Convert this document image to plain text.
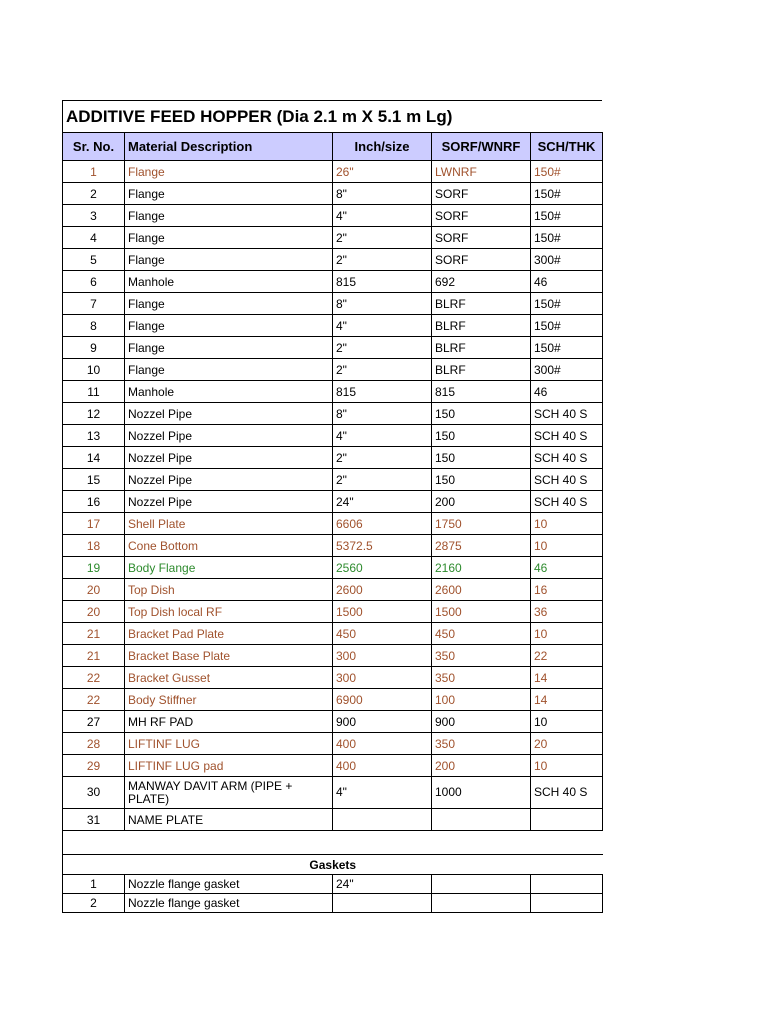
ADDITIVE FEED HOPPER (Dia 2.1 m X 5.1 m Lg)
Sr. No.	Material Description	Inch/size	SORF/WNRF	SCH/THK
1	Flange	26"	LWNRF	150#
2	Flange	8"	SORF	150#
3	Flange	4"	SORF	150#
4	Flange	2"	SORF	150#
5	Flange	2"	SORF	300#
6	Manhole	815	692	46
7	Flange	8"	BLRF	150#
8	Flange	4"	BLRF	150#
9	Flange	2"	BLRF	150#
10	Flange	2"	BLRF	300#
11	Manhole	815	815	46
12	Nozzel Pipe	8"	150	SCH 40 S
13	Nozzel Pipe	4"	150	SCH 40 S
14	Nozzel Pipe	2"	150	SCH 40 S
15	Nozzel Pipe	2"	150	SCH 40 S
16	Nozzel Pipe	24"	200	SCH 40 S
17	Shell Plate	6606	1750	10
18	Cone Bottom	5372.5	2875	10
19	Body Flange	2560	2160	46
20	Top Dish	2600	2600	16
20	Top Dish local RF	1500	1500	36
21	Bracket Pad Plate	450	450	10
21	Bracket Base Plate	300	350	22
22	Bracket Gusset	300	350	14
22	Body Stiffner	6900	100	14
27	MH RF PAD	900	900	10
28	LIFTINF LUG	400	350	20
29	LIFTINF LUG pad	400	200	10
30	MANWAY DAVIT ARM (PIPE + PLATE)	4"	1000	SCH 40 S
31	NAME PLATE			

Gaskets				
1	Nozzle flange gasket	24"		
2	Nozzle flange gasket			
